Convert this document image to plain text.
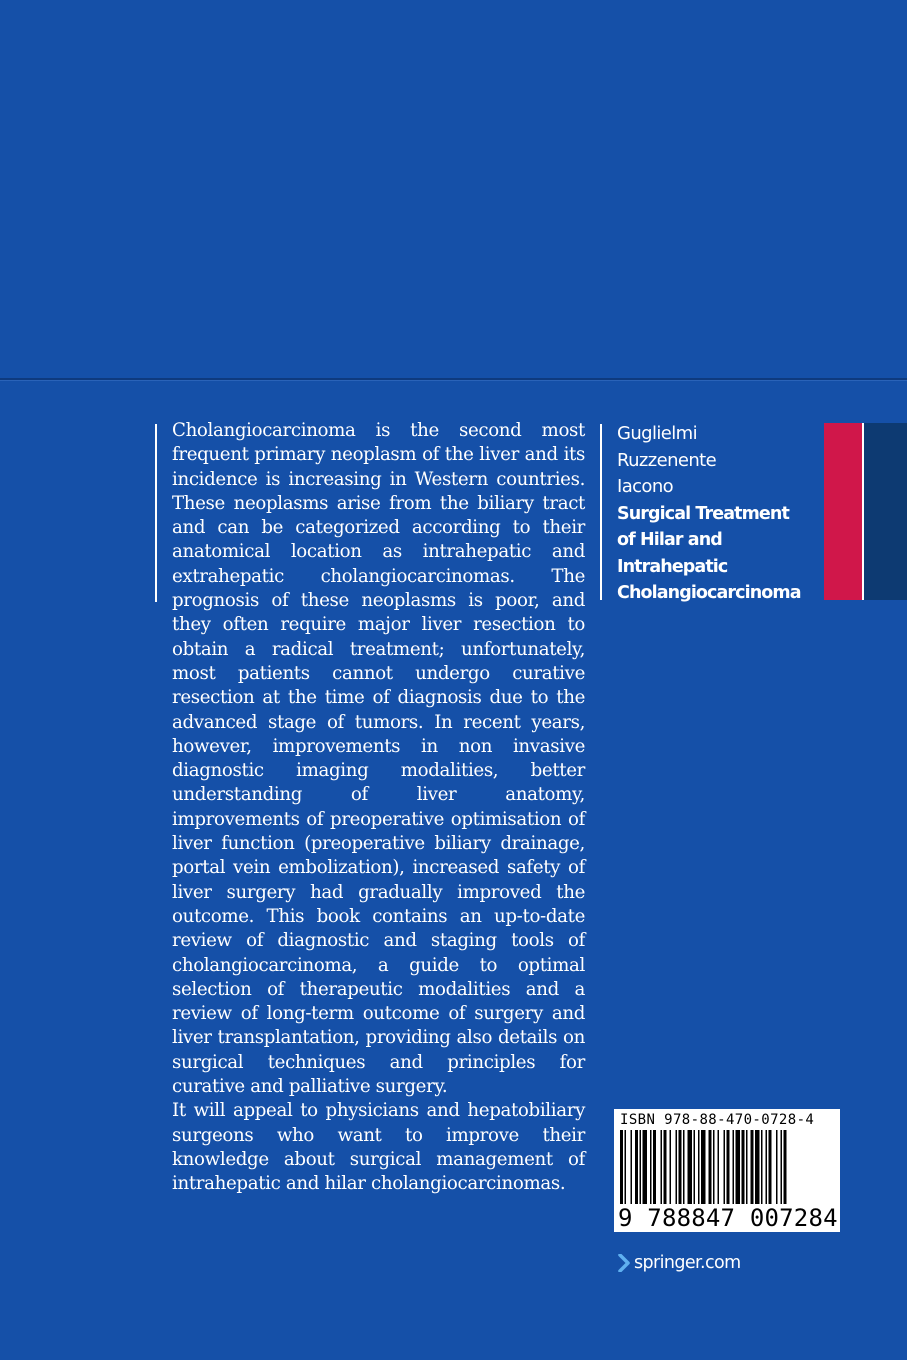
Cholangiocarcinoma is the second most frequent primary neoplasm of the liver and its incidence is increasing in Western countries. These neoplasms arise from the biliary tract and can be categorized according to their anatomical location as intrahepatic and extrahepatic cholangiocarcinomas. The prognosis of these neoplasms is poor, and they often require major liver resection to obtain a radical treatment; unfortunately, most patients cannot undergo curative resection at the time of diagnosis due to the advanced stage of tumors. In recent years, however, improvements in non invasive diagnostic imaging modalities, better understanding of liver anatomy, improvements of preoperative optimisation of liver function (preoperative biliary drainage, portal vein embolization), increased safety of liver surgery had gradually improved the outcome. This book contains an up-to-date review of diagnostic and staging tools of cholangiocarcinoma, a guide to optimal selection of therapeutic modalities and a review of long-term outcome of surgery and liver transplantation, providing also details on surgical techniques and principles for curative and palliative surgery.

It will appeal to physicians and hepatobiliary surgeons who want to improve their knowledge about surgical management of intrahepatic and hilar cholangiocarcinomas.

Guglielmi
Ruzzenente
Iacono
Surgical Treatment
of Hilar and
Intrahepatic
Cholangiocarcinoma
ISBN 978-88-470-0728-4
9 788847 007284
springer.com
